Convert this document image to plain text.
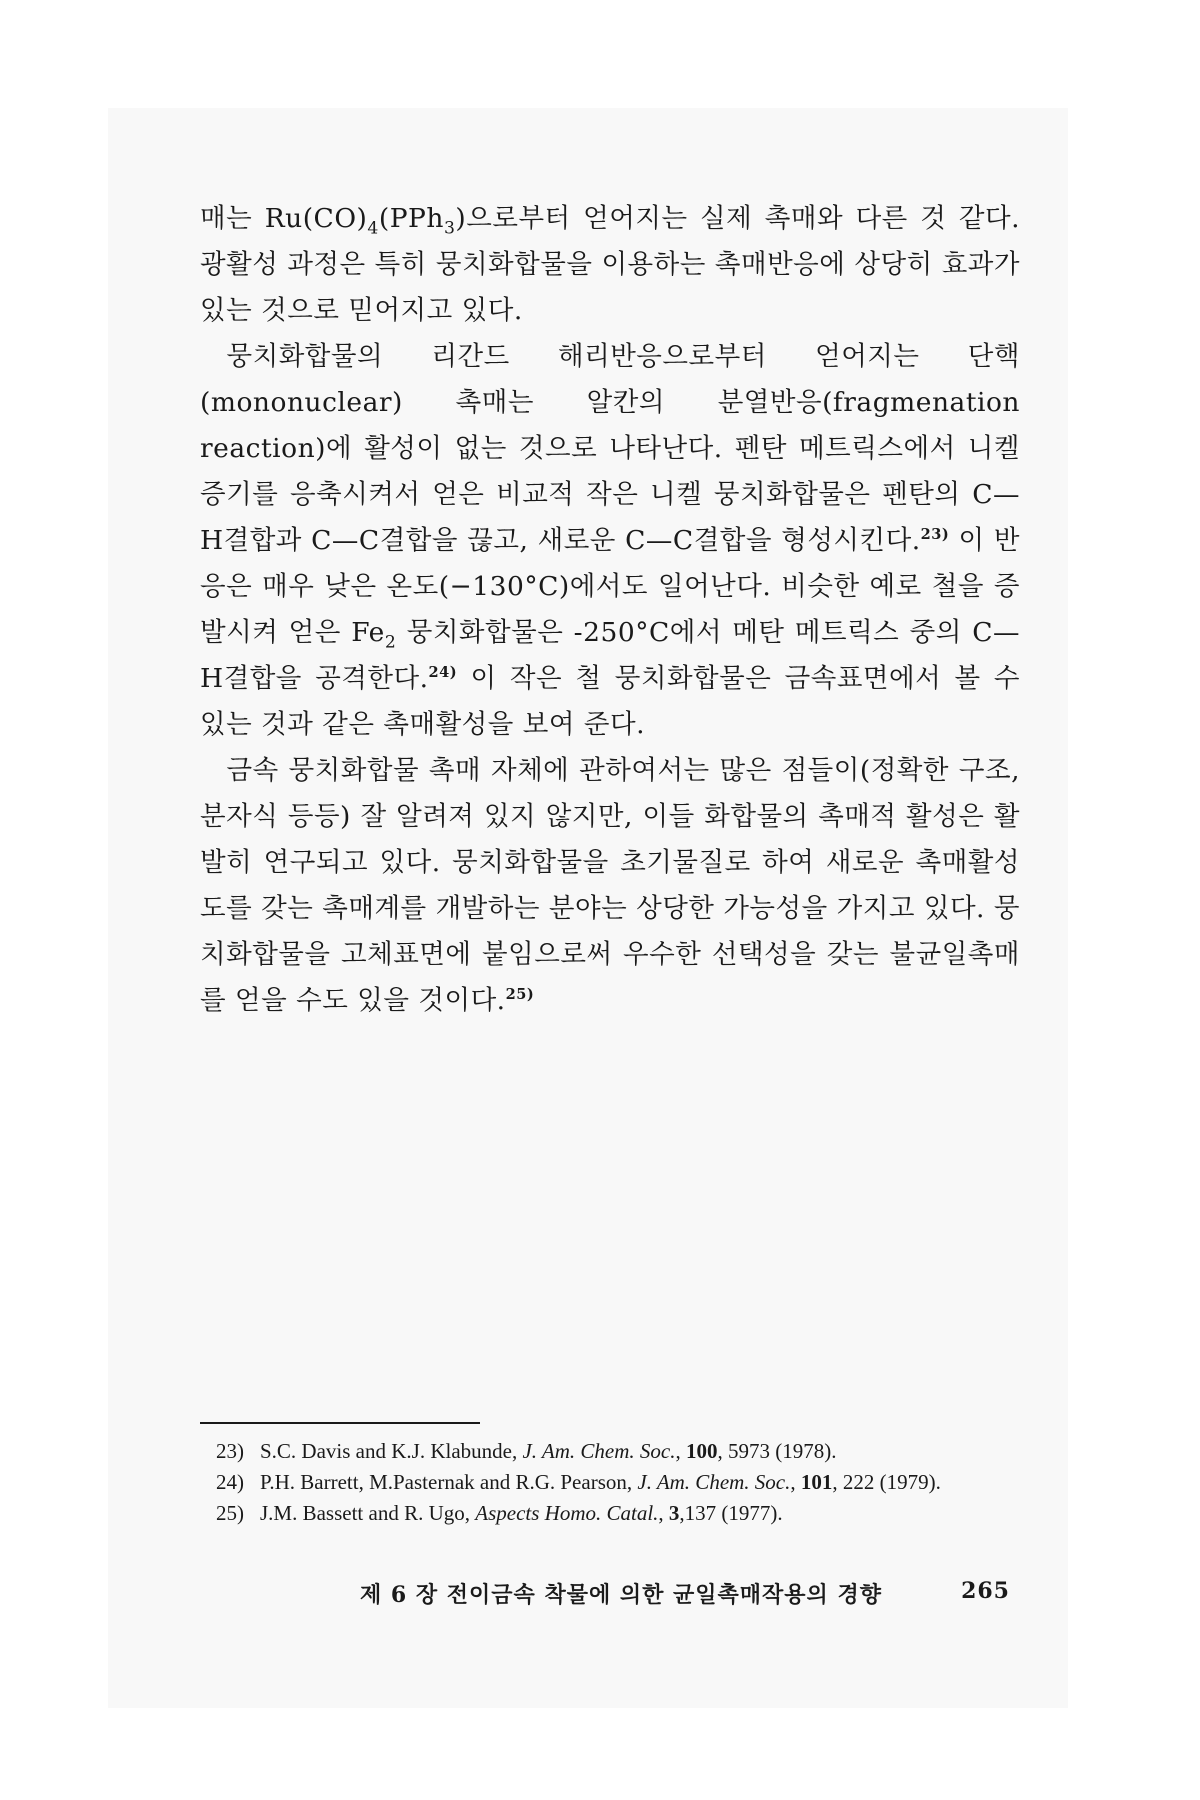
매는 $Ru(CO)_4(PPh_3)$으로부터 얻어지는 실제 촉매와 다른 것 같다. 광활성 과정은 특히 뭉치화합물을 이용하는 촉매반응에 상당히 효과가 있는 것으로 믿어지고 있다.

뭉치화합물의 리간드 해리반응으로부터 얻어지는 단핵(mononuclear) 촉매는 알칸의 분열반응(fragmenation reaction)에 활성이 없는 것으로 나타난다. 펜탄 메트릭스에서 니켈증기를 응축시켜서 얻은 비교적 작은 니켈 뭉치화합물은 펜탄의 C—H결합과 C—C결합을 끊고, 새로운 C—C결합을 형성시킨다.$^{23)}$ 이 반응은 매우 낮은 온도(−130°C)에서도 일어난다. 비슷한 예로 철을 증발시켜 얻은 $Fe_2$ 뭉치화합물은 -250°C에서 메탄 메트릭스 중의 C—H결합을 공격한다.$^{24)}$ 이 작은 철 뭉치화합물은 금속표면에서 볼 수 있는 것과 같은 촉매활성을 보여 준다.

금속 뭉치화합물 촉매 자체에 관하여서는 많은 점들이(정확한 구조, 분자식 등등) 잘 알려져 있지 않지만, 이들 화합물의 촉매적 활성은 활발히 연구되고 있다. 뭉치화합물을 초기물질로 하여 새로운 촉매활성도를 갖는 촉매계를 개발하는 분야는 상당한 가능성을 가지고 있다. 뭉치화합물을 고체표면에 붙임으로써 우수한 선택성을 갖는 불균일촉매를 얻을 수도 있을 것이다.$^{25)}$

23) S.C. Davis and K.J. Klabunde, J. Am. Chem. Soc., 100, 5973 (1978).
24) P.H. Barrett, M.Pasternak and R.G. Pearson, J. Am. Chem. Soc., 101, 222 (1979).
25) J.M. Bassett and R. Ugo, Aspects Homo. Catal., 3,137 (1977).
제 6 장 전이금속 착물에 의한 균일촉매작용의 경향	265
